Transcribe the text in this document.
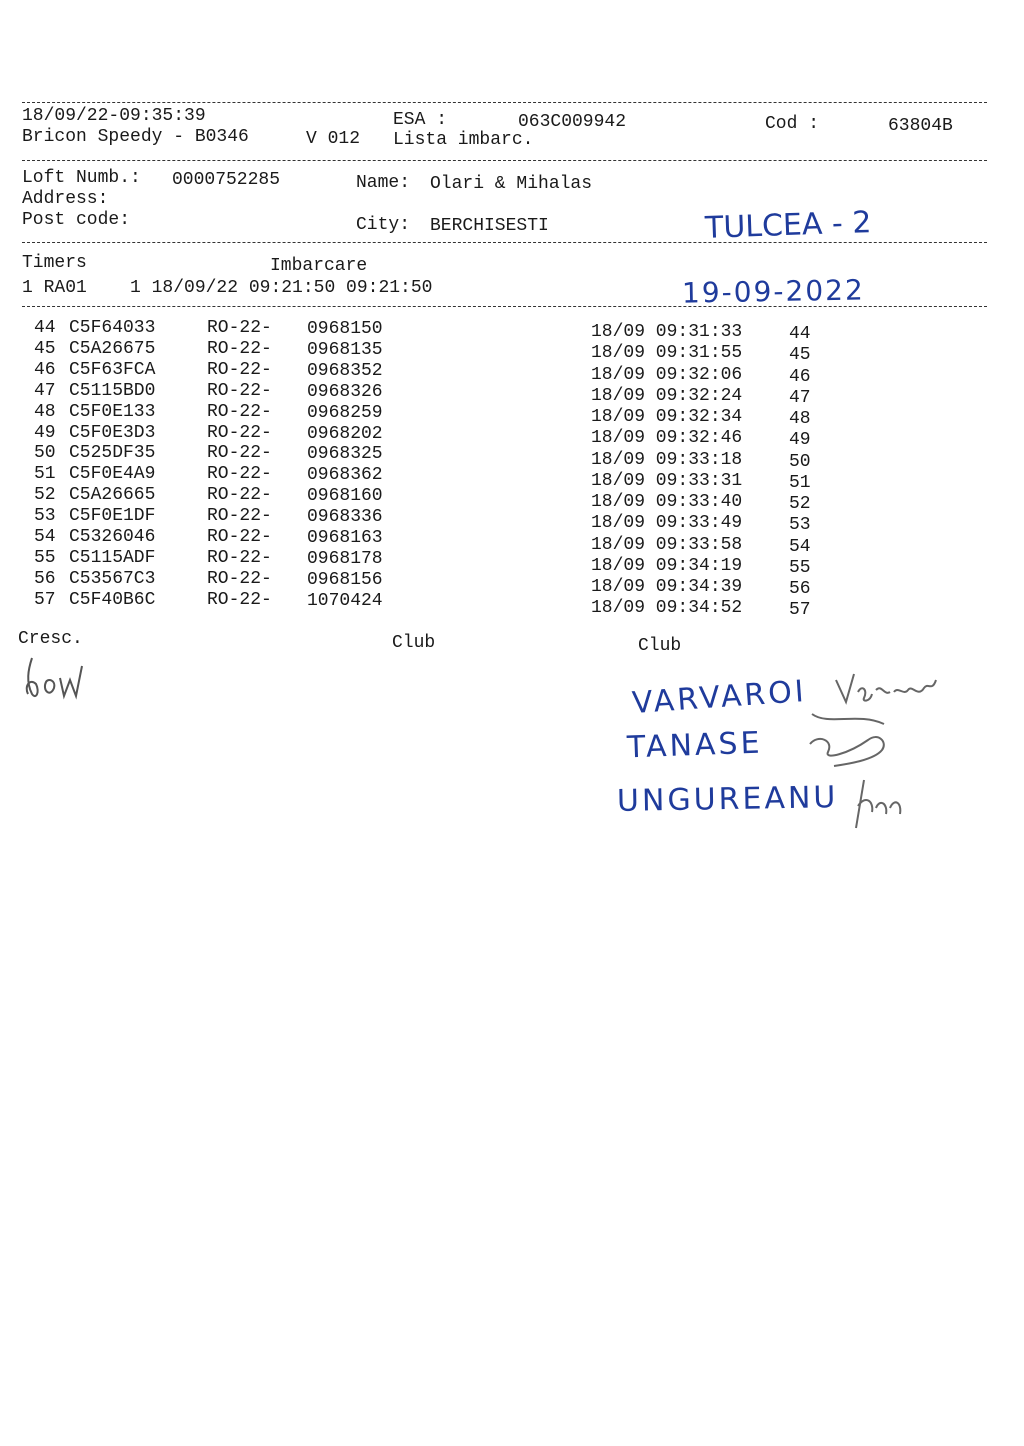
18/09/22-09:35:39	ESA :	063C009942	Cod :	63804B
Bricon Speedy - B0346	V 012 Lista imbarc.
Loft Numb.: 0000752285	Name: Olari & Mihalas
Address:
Post code:	City: BERCHISESTI	TULCEA - 2
Timers	Imbarcare
1 RA01    1 18/09/22 09:21:50 09:21:50	19-09-2022
44 C5F64033	RO-22- 0968150	18/09 09:31:33	44
45 C5A26675	RO-22- 0968135	18/09 09:31:55	45
46 C5F63FCA	RO-22- 0968352	18/09 09:32:06	46
47 C5115BD0	RO-22- 0968326	18/09 09:32:24	47
48 C5F0E133	RO-22- 0968259	18/09 09:32:34	48
49 C5F0E3D3	RO-22- 0968202	18/09 09:32:46	49
50 C525DF35	RO-22- 0968325	18/09 09:33:18	50
51 C5F0E4A9	RO-22- 0968362	18/09 09:33:31	51
52 C5A26665	RO-22- 0968160	18/09 09:33:40	52
53 C5F0E1DF	RO-22- 0968336	18/09 09:33:49	53
54 C5326046	RO-22- 0968163	18/09 09:33:58	54
55 C5115ADF	RO-22- 0968178	18/09 09:34:19	55
56 C53567C3	RO-22- 0968156	18/09 09:34:39	56
57 C5F40B6C	RO-22- 1070424	18/09 09:34:52	57
Cresc.	Club	Club
VARVAROI
TANASE
UNGUREANU
